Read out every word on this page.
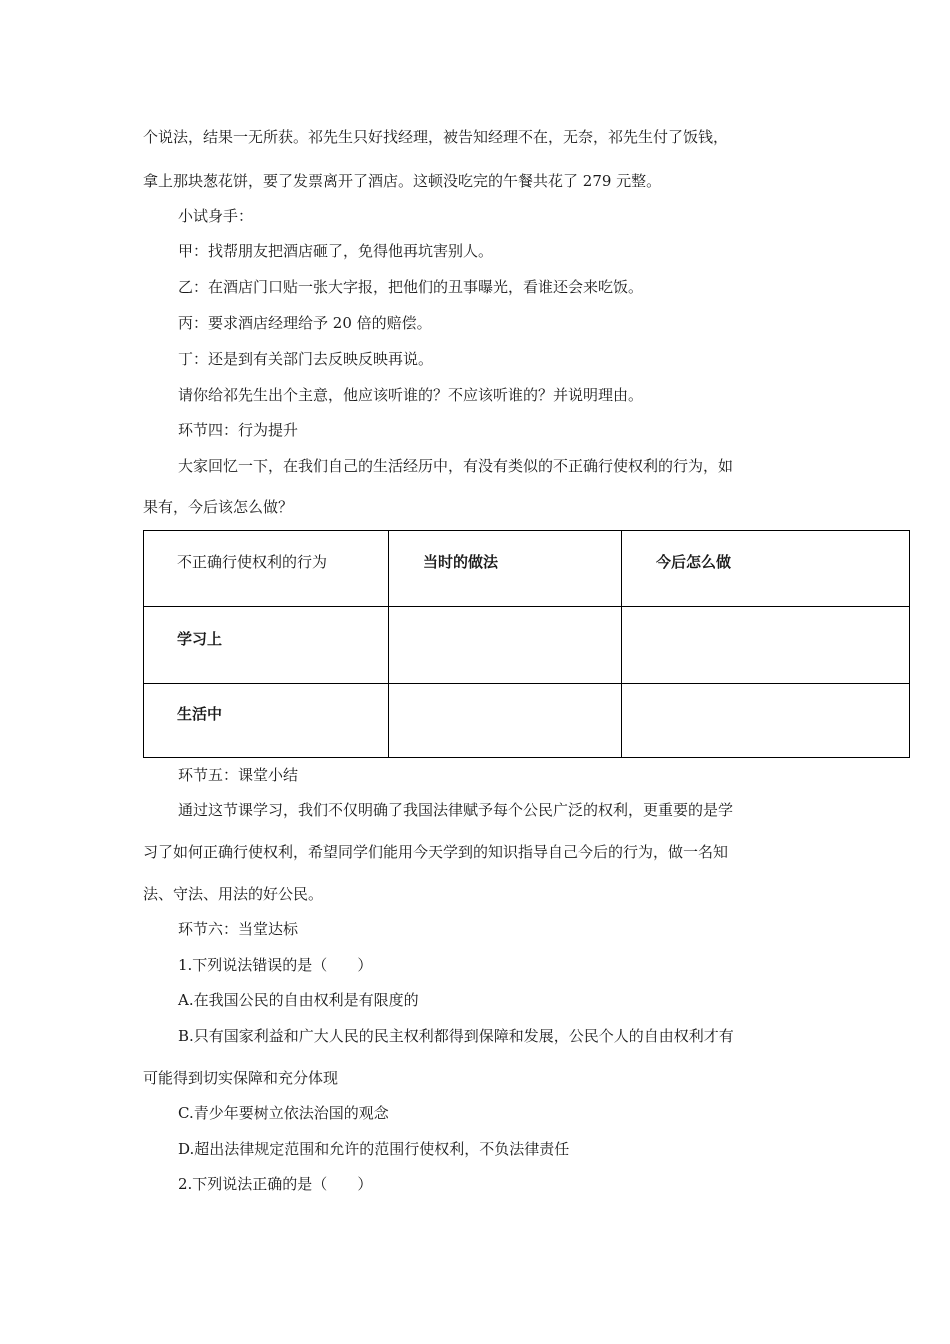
个说法，结果一无所获。祁先生只好找经理，被告知经理不在，无奈，祁先生付了饭钱，
拿上那块葱花饼，要了发票离开了酒店。这顿没吃完的午餐共花了 279 元整。
小试身手：
甲：找帮朋友把酒店砸了，免得他再坑害别人。
乙：在酒店门口贴一张大字报，把他们的丑事曝光，看谁还会来吃饭。
丙：要求酒店经理给予 20 倍的赔偿。
丁：还是到有关部门去反映反映再说。
请你给祁先生出个主意，他应该听谁的？不应该听谁的？并说明理由。
环节四：行为提升
大家回忆一下，在我们自己的生活经历中，有没有类似的不正确行使权利的行为，如
果有，今后该怎么做？
不正确行使权利的行为	当时的做法	今后怎么做

学习上		

生活中		

环节五：课堂小结
通过这节课学习，我们不仅明确了我国法律赋予每个公民广泛的权利，更重要的是学
习了如何正确行使权利，希望同学们能用今天学到的知识指导自己今后的行为，做一名知
法、守法、用法的好公民。
环节六：当堂达标
1.下列说法错误的是（　　）
A.在我国公民的自由权利是有限度的
B.只有国家利益和广大人民的民主权利都得到保障和发展，公民个人的自由权利才有
可能得到切实保障和充分体现
C.青少年要树立依法治国的观念
D.超出法律规定范围和允许的范围行使权利，不负法律责任
2.下列说法正确的是（　　）
